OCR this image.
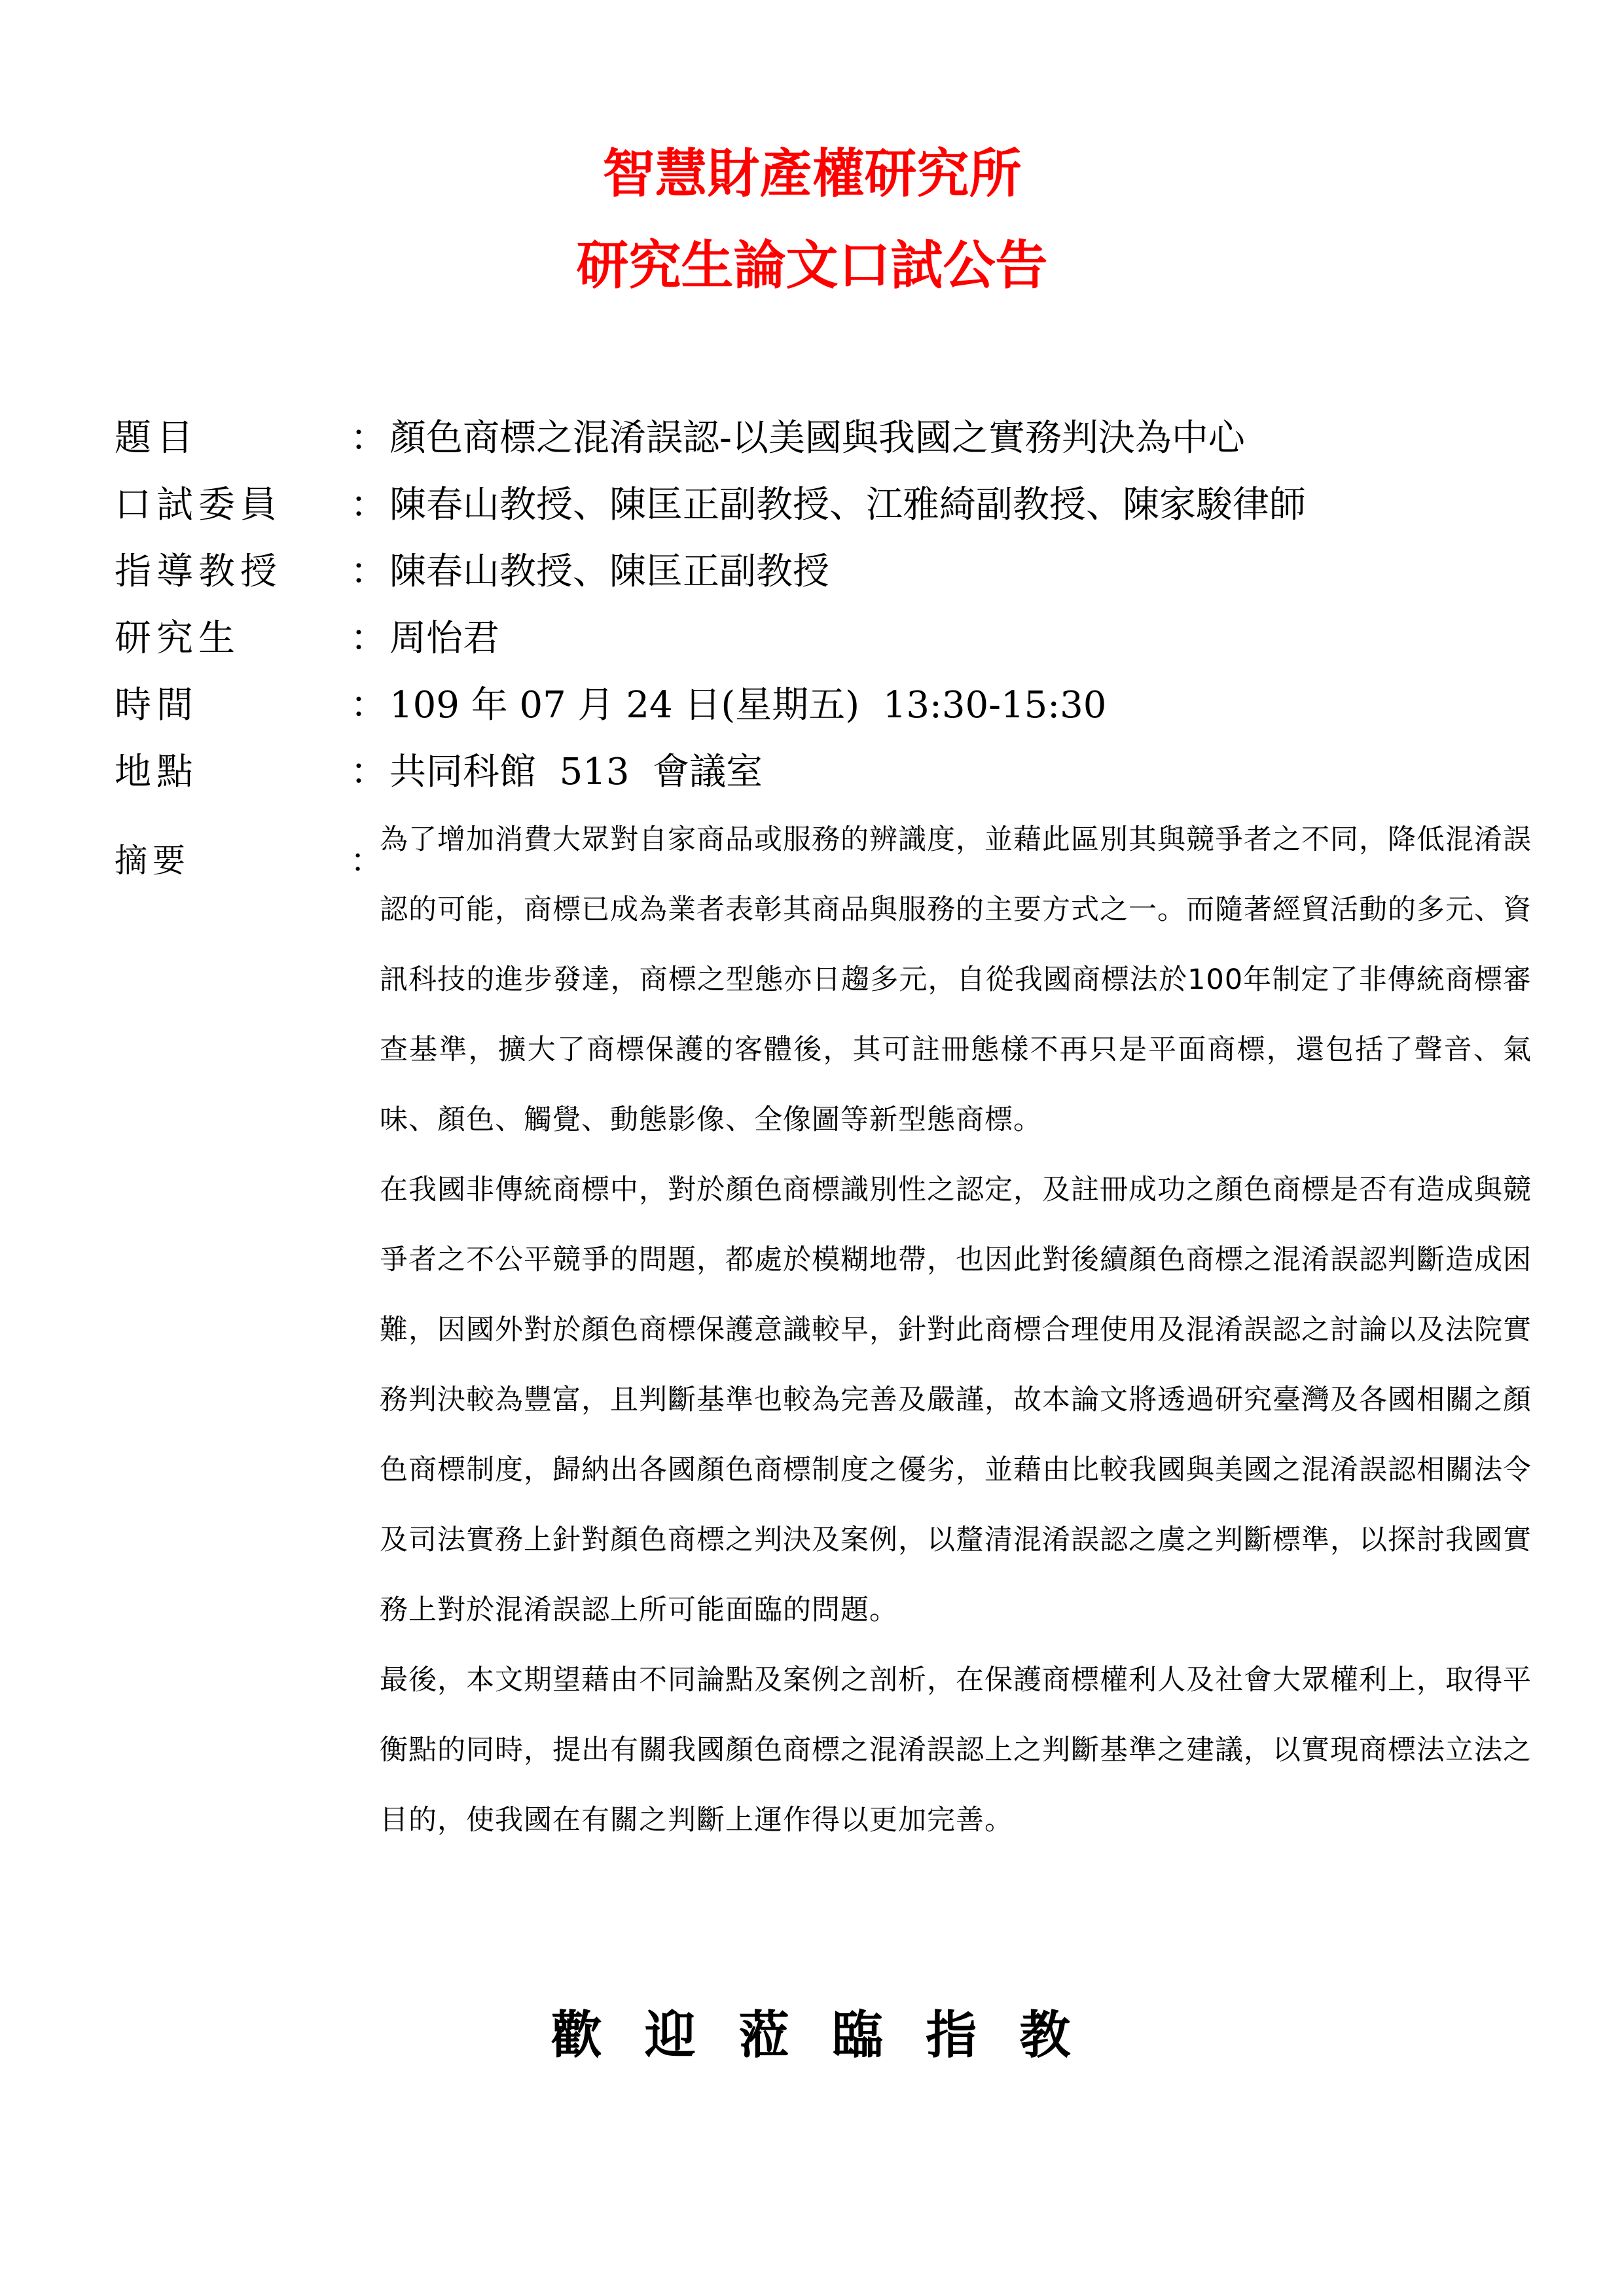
智慧財產權研究所
研究生論文口試公告
題目	：顏色商標之混淆誤認-以美國與我國之實務判決為中心
口試委員 ：陳春山教授、陳匡正副教授、江雅綺副教授、陳家駿律師
指導教授 ：陳春山教授、陳匡正副教授
研究生	：周怡君
時間	：109 年 07 月 24 日(星期五)  13:30-15:30
地點	：共同科館  513  會議室
摘要	：

為了增加消費大眾對自家商品或服務的辨識度，並藉此區別其與競爭者之不同，降低混淆誤認的可能，商標已成為業者表彰其商品與服務的主要方式之一。而隨著經貿活動的多元、資訊科技的進步發達，商標之型態亦日趨多元，自從我國商標法於100年制定了非傳統商標審查基準，擴大了商標保護的客體後，其可註冊態樣不再只是平面商標，還包括了聲音、氣味、顏色、觸覺、動態影像、全像圖等新型態商標。

在我國非傳統商標中，對於顏色商標識別性之認定，及註冊成功之顏色商標是否有造成與競爭者之不公平競爭的問題，都處於模糊地帶，也因此對後續顏色商標之混淆誤認判斷造成困難，因國外對於顏色商標保護意識較早，針對此商標合理使用及混淆誤認之討論以及法院實務判決較為豐富，且判斷基準也較為完善及嚴謹，故本論文將透過研究臺灣及各國相關之顏色商標制度，歸納出各國顏色商標制度之優劣，並藉由比較我國與美國之混淆誤認相關法令及司法實務上針對顏色商標之判決及案例，以釐清混淆誤認之虞之判斷標準，以探討我國實務上對於混淆誤認上所可能面臨的問題。

最後，本文期望藉由不同論點及案例之剖析，在保護商標權利人及社會大眾權利上，取得平衡點的同時，提出有關我國顏色商標之混淆誤認上之判斷基準之建議，以實現商標法立法之目的，使我國在有關之判斷上運作得以更加完善。

歡 迎 蒞 臨 指 教
